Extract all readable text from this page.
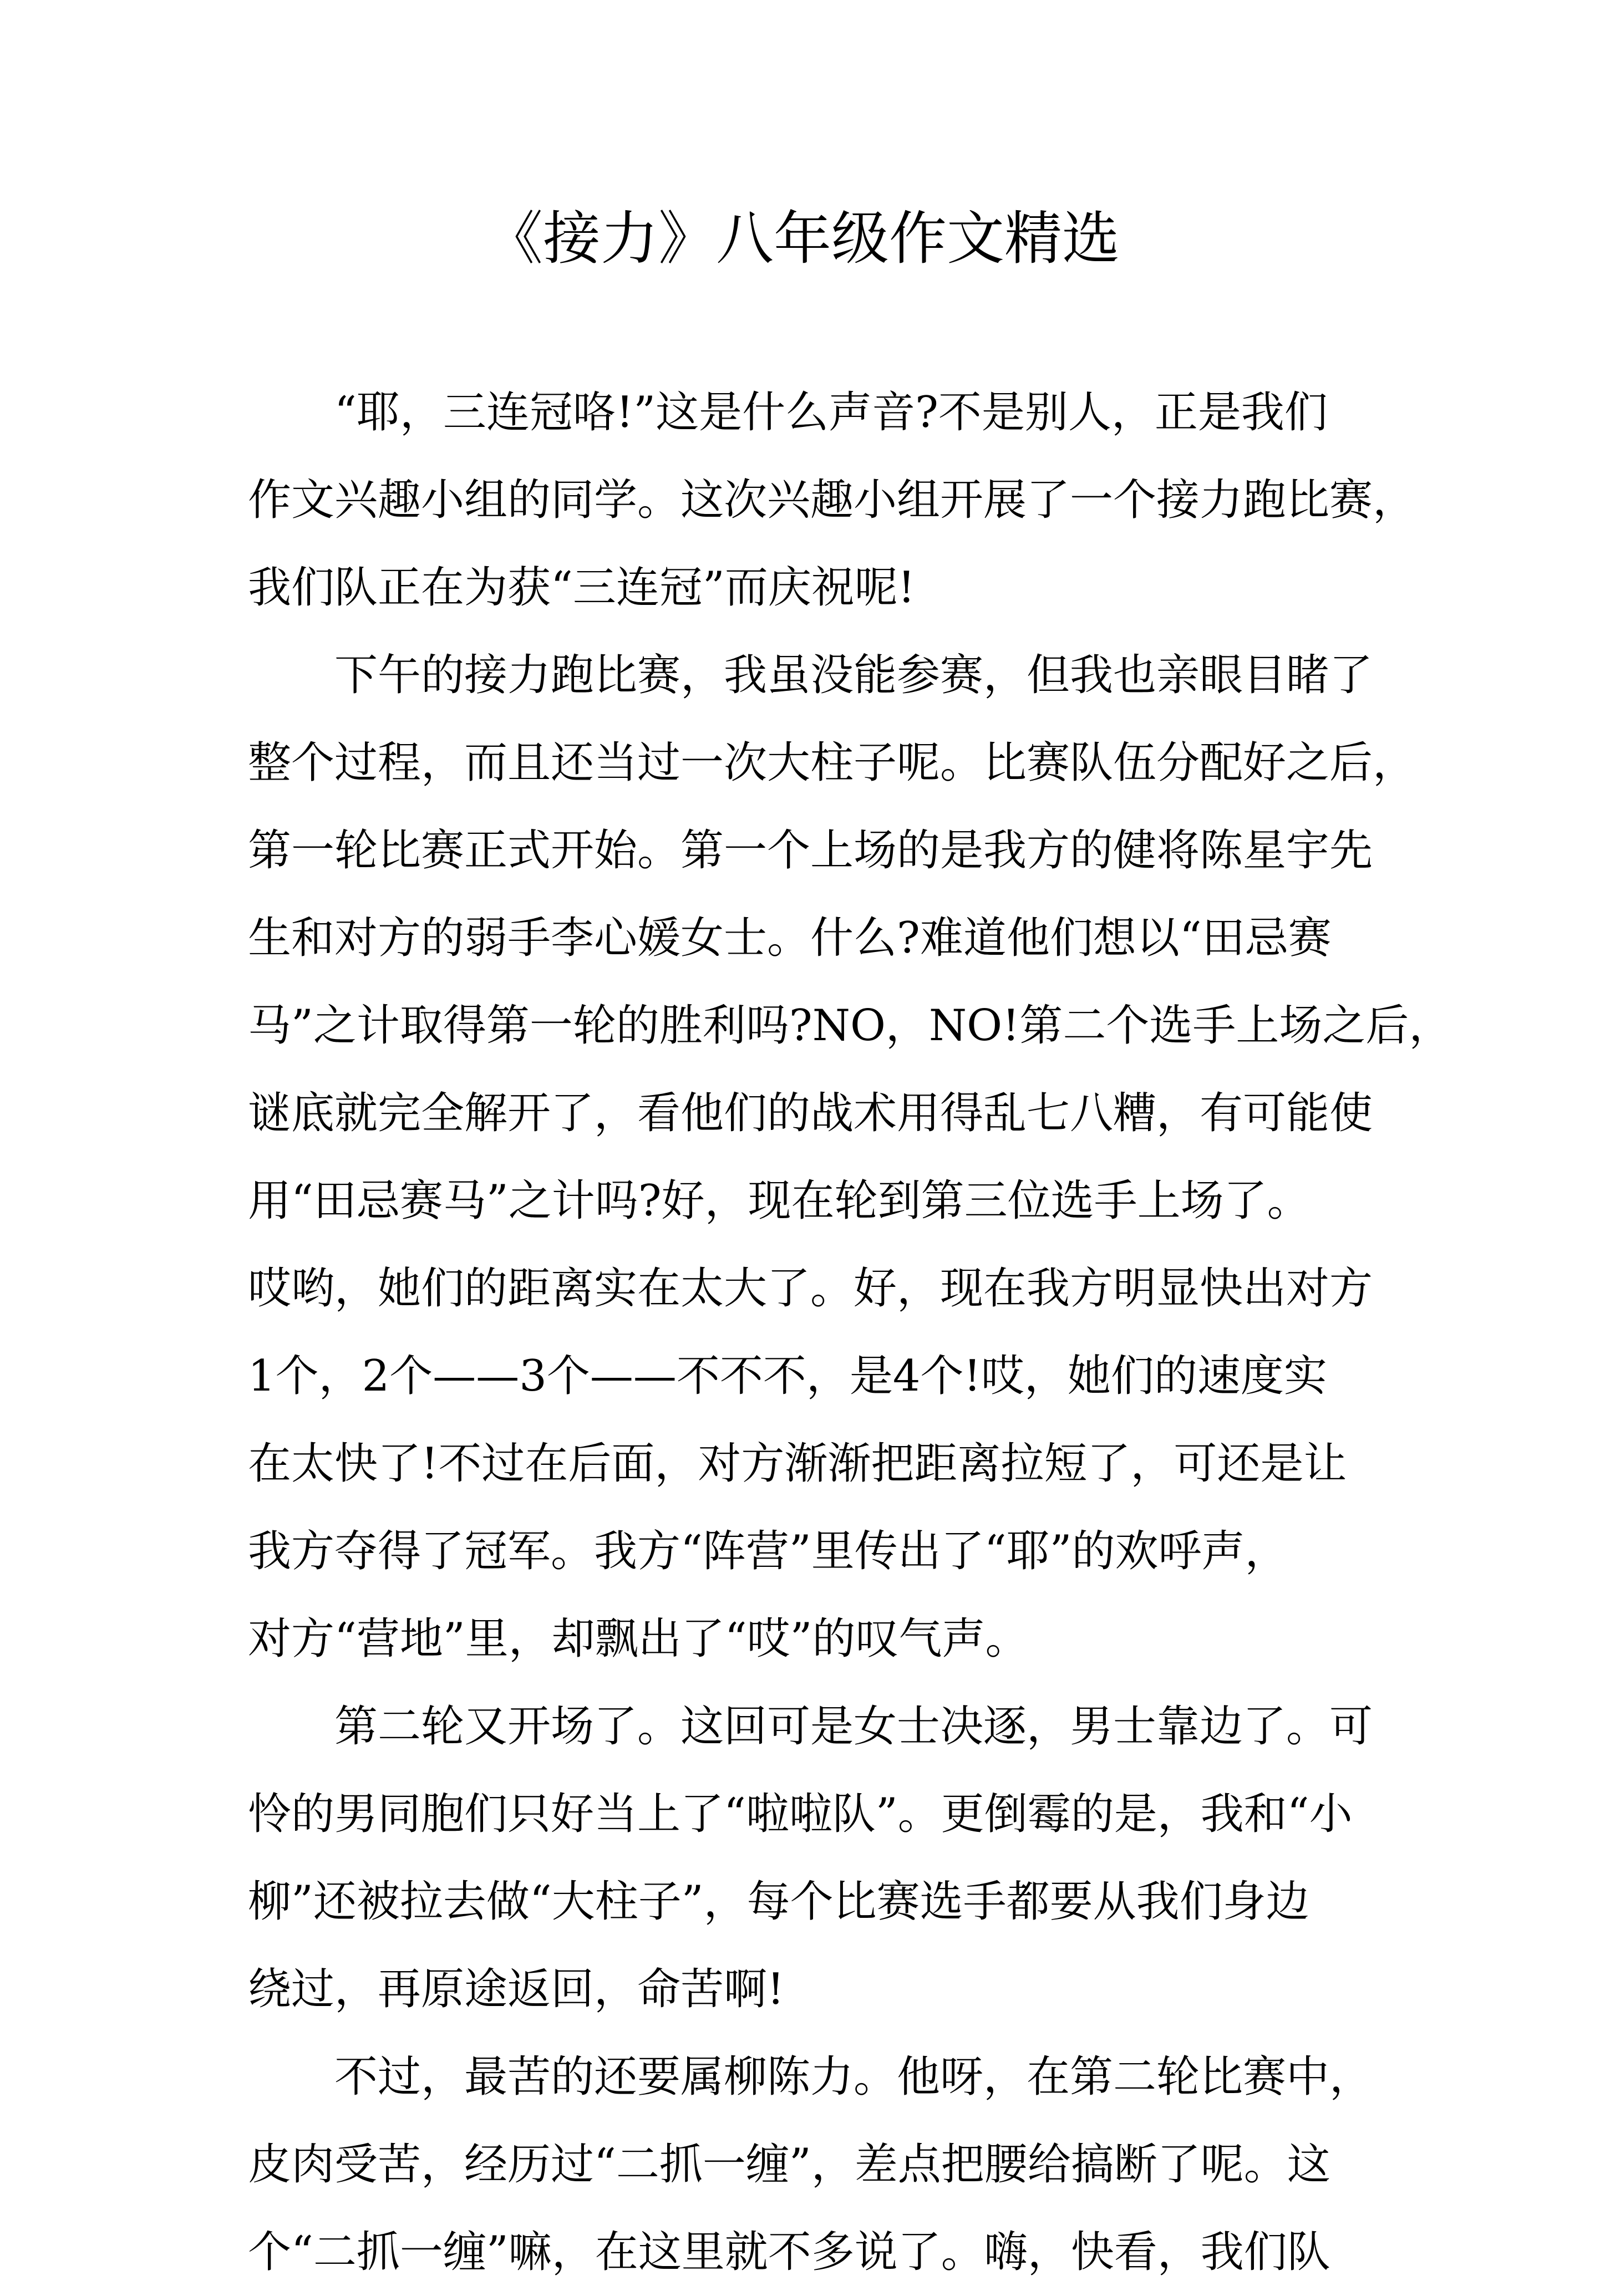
《接力》八年级作文精选

　　“耶，三连冠咯!”这是什么声音?不是别人，正是我们
作文兴趣小组的同学。这次兴趣小组开展了一个接力跑比赛，
我们队正在为获“三连冠”而庆祝呢!

　　下午的接力跑比赛，我虽没能参赛，但我也亲眼目睹了
整个过程，而且还当过一次大柱子呢。比赛队伍分配好之后，
第一轮比赛正式开始。第一个上场的是我方的健将陈星宇先
生和对方的弱手李心媛女士。什么?难道他们想以“田忌赛
马”之计取得第一轮的胜利吗?NO，NO!第二个选手上场之后，
谜底就完全解开了，看他们的战术用得乱七八糟，有可能使
用“田忌赛马”之计吗?好，现在轮到第三位选手上场了。
哎哟，她们的距离实在太大了。好，现在我方明显快出对方
1个，2个——3个——不不不，是4个!哎，她们的速度实
在太快了!不过在后面，对方渐渐把距离拉短了，可还是让
我方夺得了冠军。我方“阵营”里传出了“耶”的欢呼声，
对方“营地”里，却飘出了“哎”的叹气声。

　　第二轮又开场了。这回可是女士决逐，男士靠边了。可
怜的男同胞们只好当上了“啦啦队”。更倒霉的是，我和“小
柳”还被拉去做“大柱子”，每个比赛选手都要从我们身边
绕过，再原途返回，命苦啊!

　　不过，最苦的还要属柳陈力。他呀，在第二轮比赛中，
皮肉受苦，经历过“二抓一缠”，差点把腰给搞断了呢。这
个“二抓一缠”嘛，在这里就不多说了。嗨，快看，我们队
